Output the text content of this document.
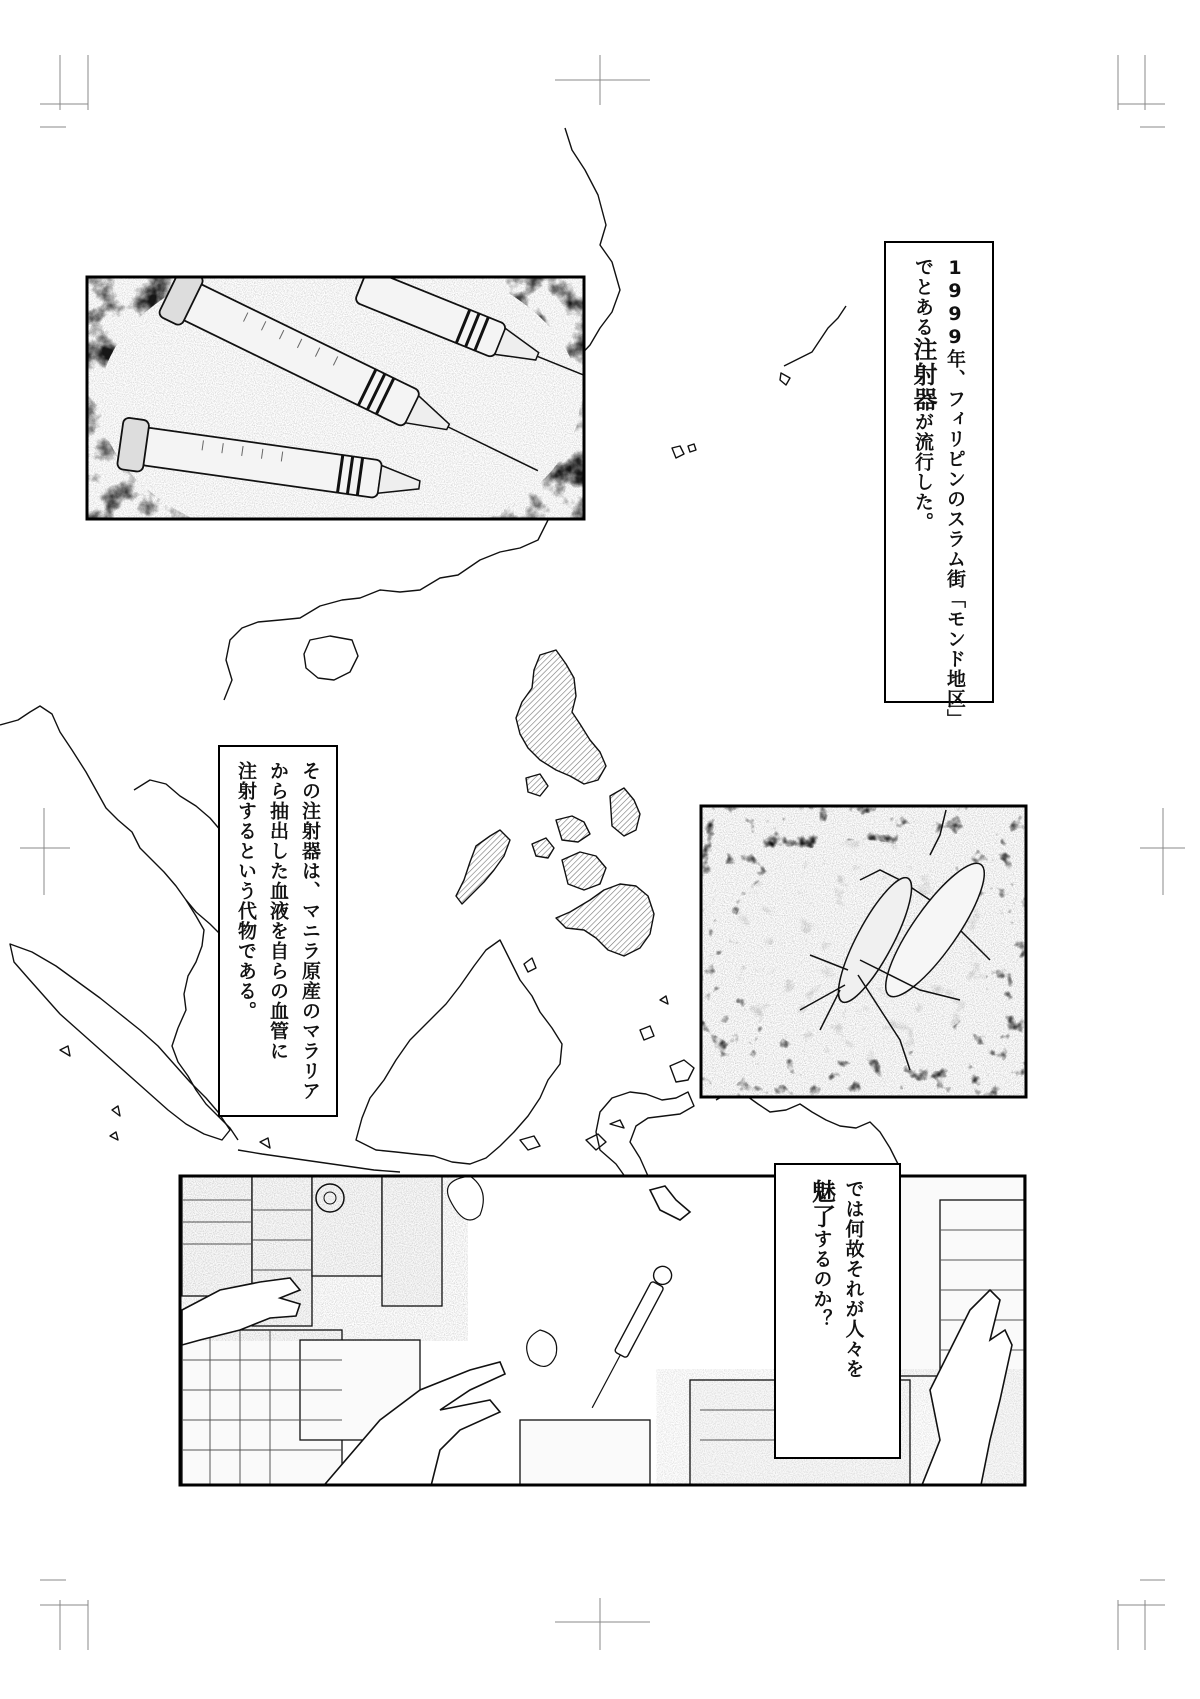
1999年、フィリピンのスラム街「モンド地区」
でとある注射器が流行した。
その注射器は、マニラ原産のマラリア
から抽出した血液を自らの血管に
注射するという代物である。
では何故それが人々を
魅了するのか？
